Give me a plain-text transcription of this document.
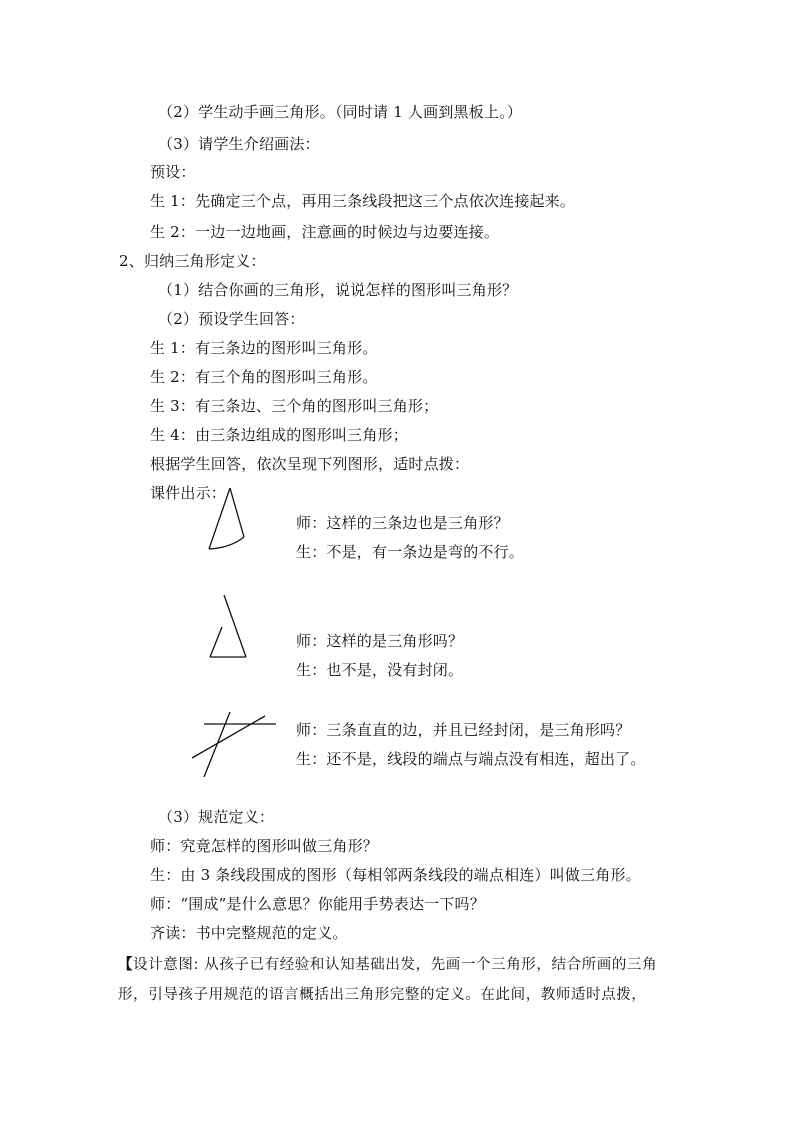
（2）学生动手画三角形。（同时请 1 人画到黑板上。）
（3）请学生介绍画法：
预设：
生 1：先确定三个点，再用三条线段把这三个点依次连接起来。
生 2：一边一边地画，注意画的时候边与边要连接。
2、归纳三角形定义：
（1）结合你画的三角形，说说怎样的图形叫三角形？
（2）预设学生回答：
生 1：有三条边的图形叫三角形。
生 2：有三个角的图形叫三角形。
生 3：有三条边、三个角的图形叫三角形；
生 4：由三条边组成的图形叫三角形；
根据学生回答，依次呈现下列图形，适时点拨：
课件出示：
师：这样的三条边也是三角形？
生：不是，有一条边是弯的不行。
师：这样的是三角形吗？
生：也不是，没有封闭。
师：三条直直的边，并且已经封闭，是三角形吗？
生：还不是，线段的端点与端点没有相连，超出了。
（3）规范定义：
师：究竟怎样的图形叫做三角形？
生：由 3 条线段围成的图形（每相邻两条线段的端点相连）叫做三角形。
师：“围成”是什么意思？你能用手势表达一下吗？
齐读：书中完整规范的定义。
【设计意图: 从孩子已有经验和认知基础出发，先画一个三角形，结合所画的三角形，引导孩子用规范的语言概括出三角形完整的定义。在此间，教师适时点拨，
